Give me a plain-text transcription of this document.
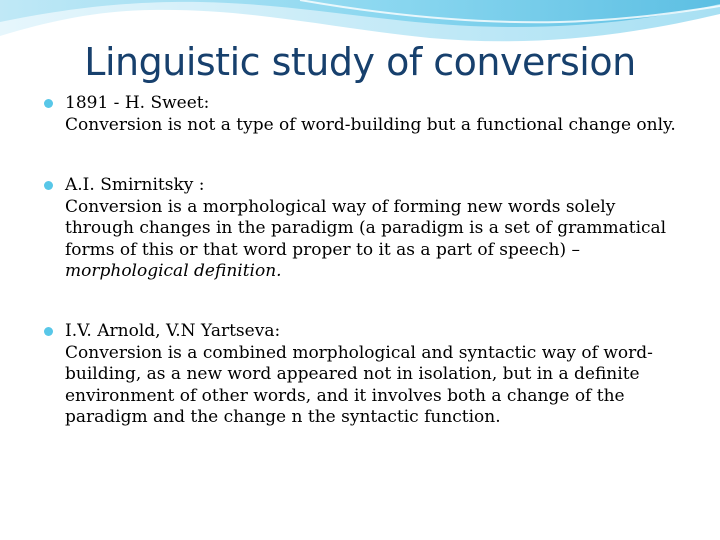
Linguistic study of conversion
1891 - H. Sweet:
Conversion is not a type of word-building but a functional change only.
A.I. Smirnitsky :
Conversion is a morphological way of forming new words solely through changes in the paradigm (a paradigm is a set of grammatical forms of this or that word proper to it as a part of speech) – morphological definition.
I.V. Arnold, V.N Yartseva:
Conversion is a combined morphological and syntactic way of word-building, as a new word appeared not in isolation, but in a definite environment of other words, and it involves both a change of the paradigm and the change n the syntactic function.
